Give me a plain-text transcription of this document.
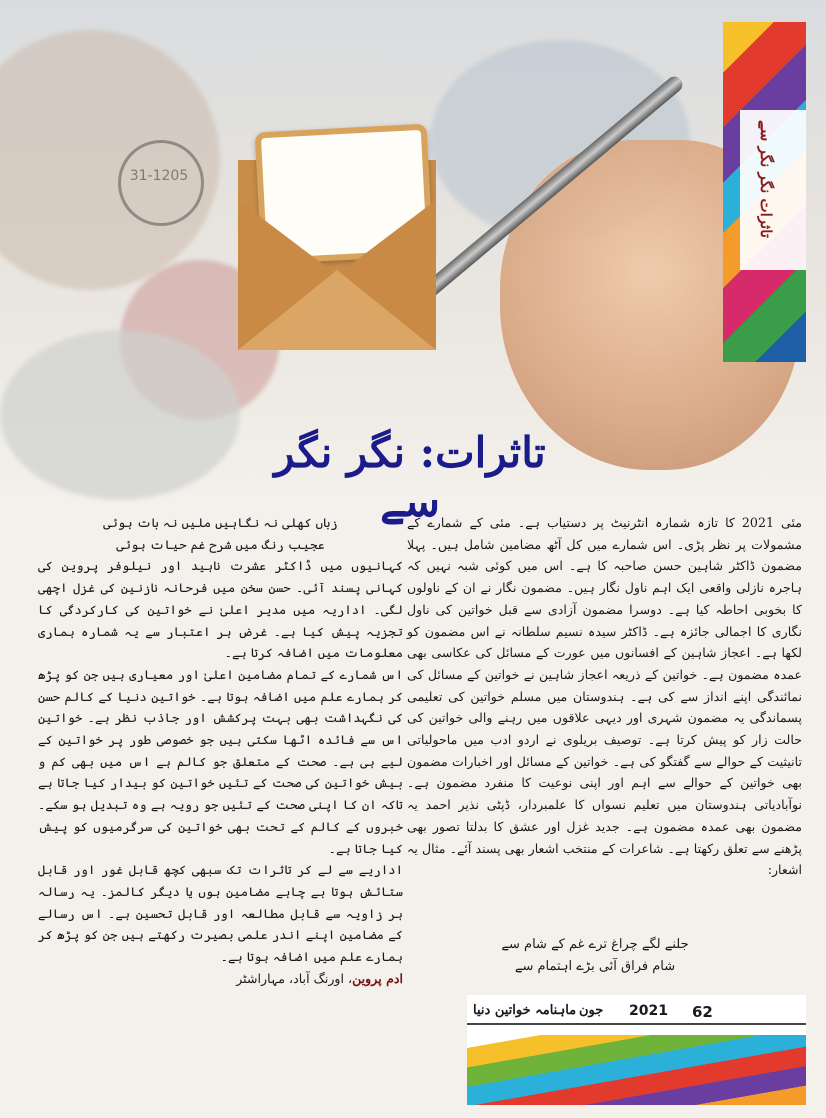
31-1205	تاثرات نگر نگر سے
تاثرات: نگر نگر سے

مئی 2021 کا تازہ شمارہ انٹرنیٹ پر دستیاب ہے۔ مئی کے شمارے کے مشمولات پر نظر پڑی۔ اس شمارے میں کل آٹھ مضامین شامل ہیں۔ پہلا مضمون ڈاکٹر شاہین حسن صاحبہ کا ہے۔ اس میں کوئی شبہ نہیں کہ ہاجرہ نازلی واقعی ایک اہم ناول نگار ہیں۔ مضمون نگار نے ان کے ناولوں کا بخوبی احاطہ کیا ہے۔ دوسرا مضمون آزادی سے قبل خواتین کی ناول نگاری کا اجمالی جائزہ ہے۔ ڈاکٹر سیدہ نسیم سلطانہ نے اس مضمون کو لکھا ہے۔ اعجاز شاہین کے افسانوں میں عورت کے مسائل کی عکاسی بھی عمدہ مضمون ہے۔ خواتین کے ذریعہ اعجاز شاہین نے خواتین کے مسائل کی نمائندگی اپنے انداز سے کی ہے۔ ہندوستان میں مسلم خواتین کی تعلیمی پسماندگی یہ مضمون شہری اور دیہی علاقوں میں رہنے والی خواتین کی حالت زار کو پیش کرتا ہے۔ توصیف بریلوی نے اردو ادب میں ماحولیاتی تانیثیت کے حوالے سے گفتگو کی ہے۔ خواتین کے مسائل اور اخبارات مضمون بھی خواتین کے حوالے سے اہم اور اپنی نوعیت کا منفرد مضمون ہے۔ نوآبادیاتی ہندوستان میں تعلیم نسواں کا علمبردار، ڈپٹی نذیر احمد یہ مضمون بھی عمدہ مضمون ہے۔ جدید غزل اور عشق کا بدلتا تصور بھی پڑھنے سے تعلق رکھتا ہے۔ شاعرات کے منتخب اشعار بھی پسند آئے۔ مثال یہ اشعار:

جلنے لگے چراغ ترے غم کے شام سے
شام فراق آئی بڑے اہتمام سے

زباں کھلی نہ نگاہیں ملیں نہ بات ہوئی

عجیب رنگ میں شرح غم حیات ہوئی

کہانیوں میں ڈاکٹر عشرت ناہید اور نیلوفر پروین کی کہانی پسند آئی۔ حسن سخن میں فرحانہ نازنین کی غزل اچھی لگی۔ اداریہ میں مدیر اعلیٰ نے خواتین کی کارکردگی کا تجزیہ پیش کیا ہے۔ غرض ہر اعتبار سے یہ شمارہ ہماری معلومات میں اضافہ کرتا ہے۔

اس شمارے کے تمام مضامین اعلیٰ اور معیاری ہیں جن کو پڑھ کر ہمارے علم میں اضافہ ہوتا ہے۔ خواتین دنیا کے کالم حسن کی نگہداشت بھی بہت پرکشش اور جاذب نظر ہے۔ خواتین اس سے فائدہ اٹھا سکتی ہیں جو خصوصی طور پر خواتین کے لیے ہی ہے۔ صحت کے متعلق جو کالم ہے اس میں بھی کم و بیش خواتین کی صحت کے تئیں خواتین کو بیدار کیا جاتا ہے تاکہ ان کا اپنی صحت کے تئیں جو رویہ ہے وہ تبدیل ہو سکے۔ خبروں کے کالم کے تحت بھی خواتین کی سرگرمیوں کو پیش کیا جاتا ہے۔

اداریے سے لے کر تاثرات تک سبھی کچھ قابل غور اور قابل ستائش ہوتا ہے چاہے مضامین ہوں یا دیگر کالمز۔ یہ رسالہ ہر زاویہ سے قابل مطالعہ اور قابل تحسین ہے۔ اس رسالے کے مضامین اپنے اندر علمی بصیرت رکھتے ہیں جن کو پڑھ کر ہمارے علم میں اضافہ ہوتا ہے۔

ادم پروین، اورنگ آباد، مہاراشٹر

62
2021
جون
ماہنامہ خواتین دنیا
